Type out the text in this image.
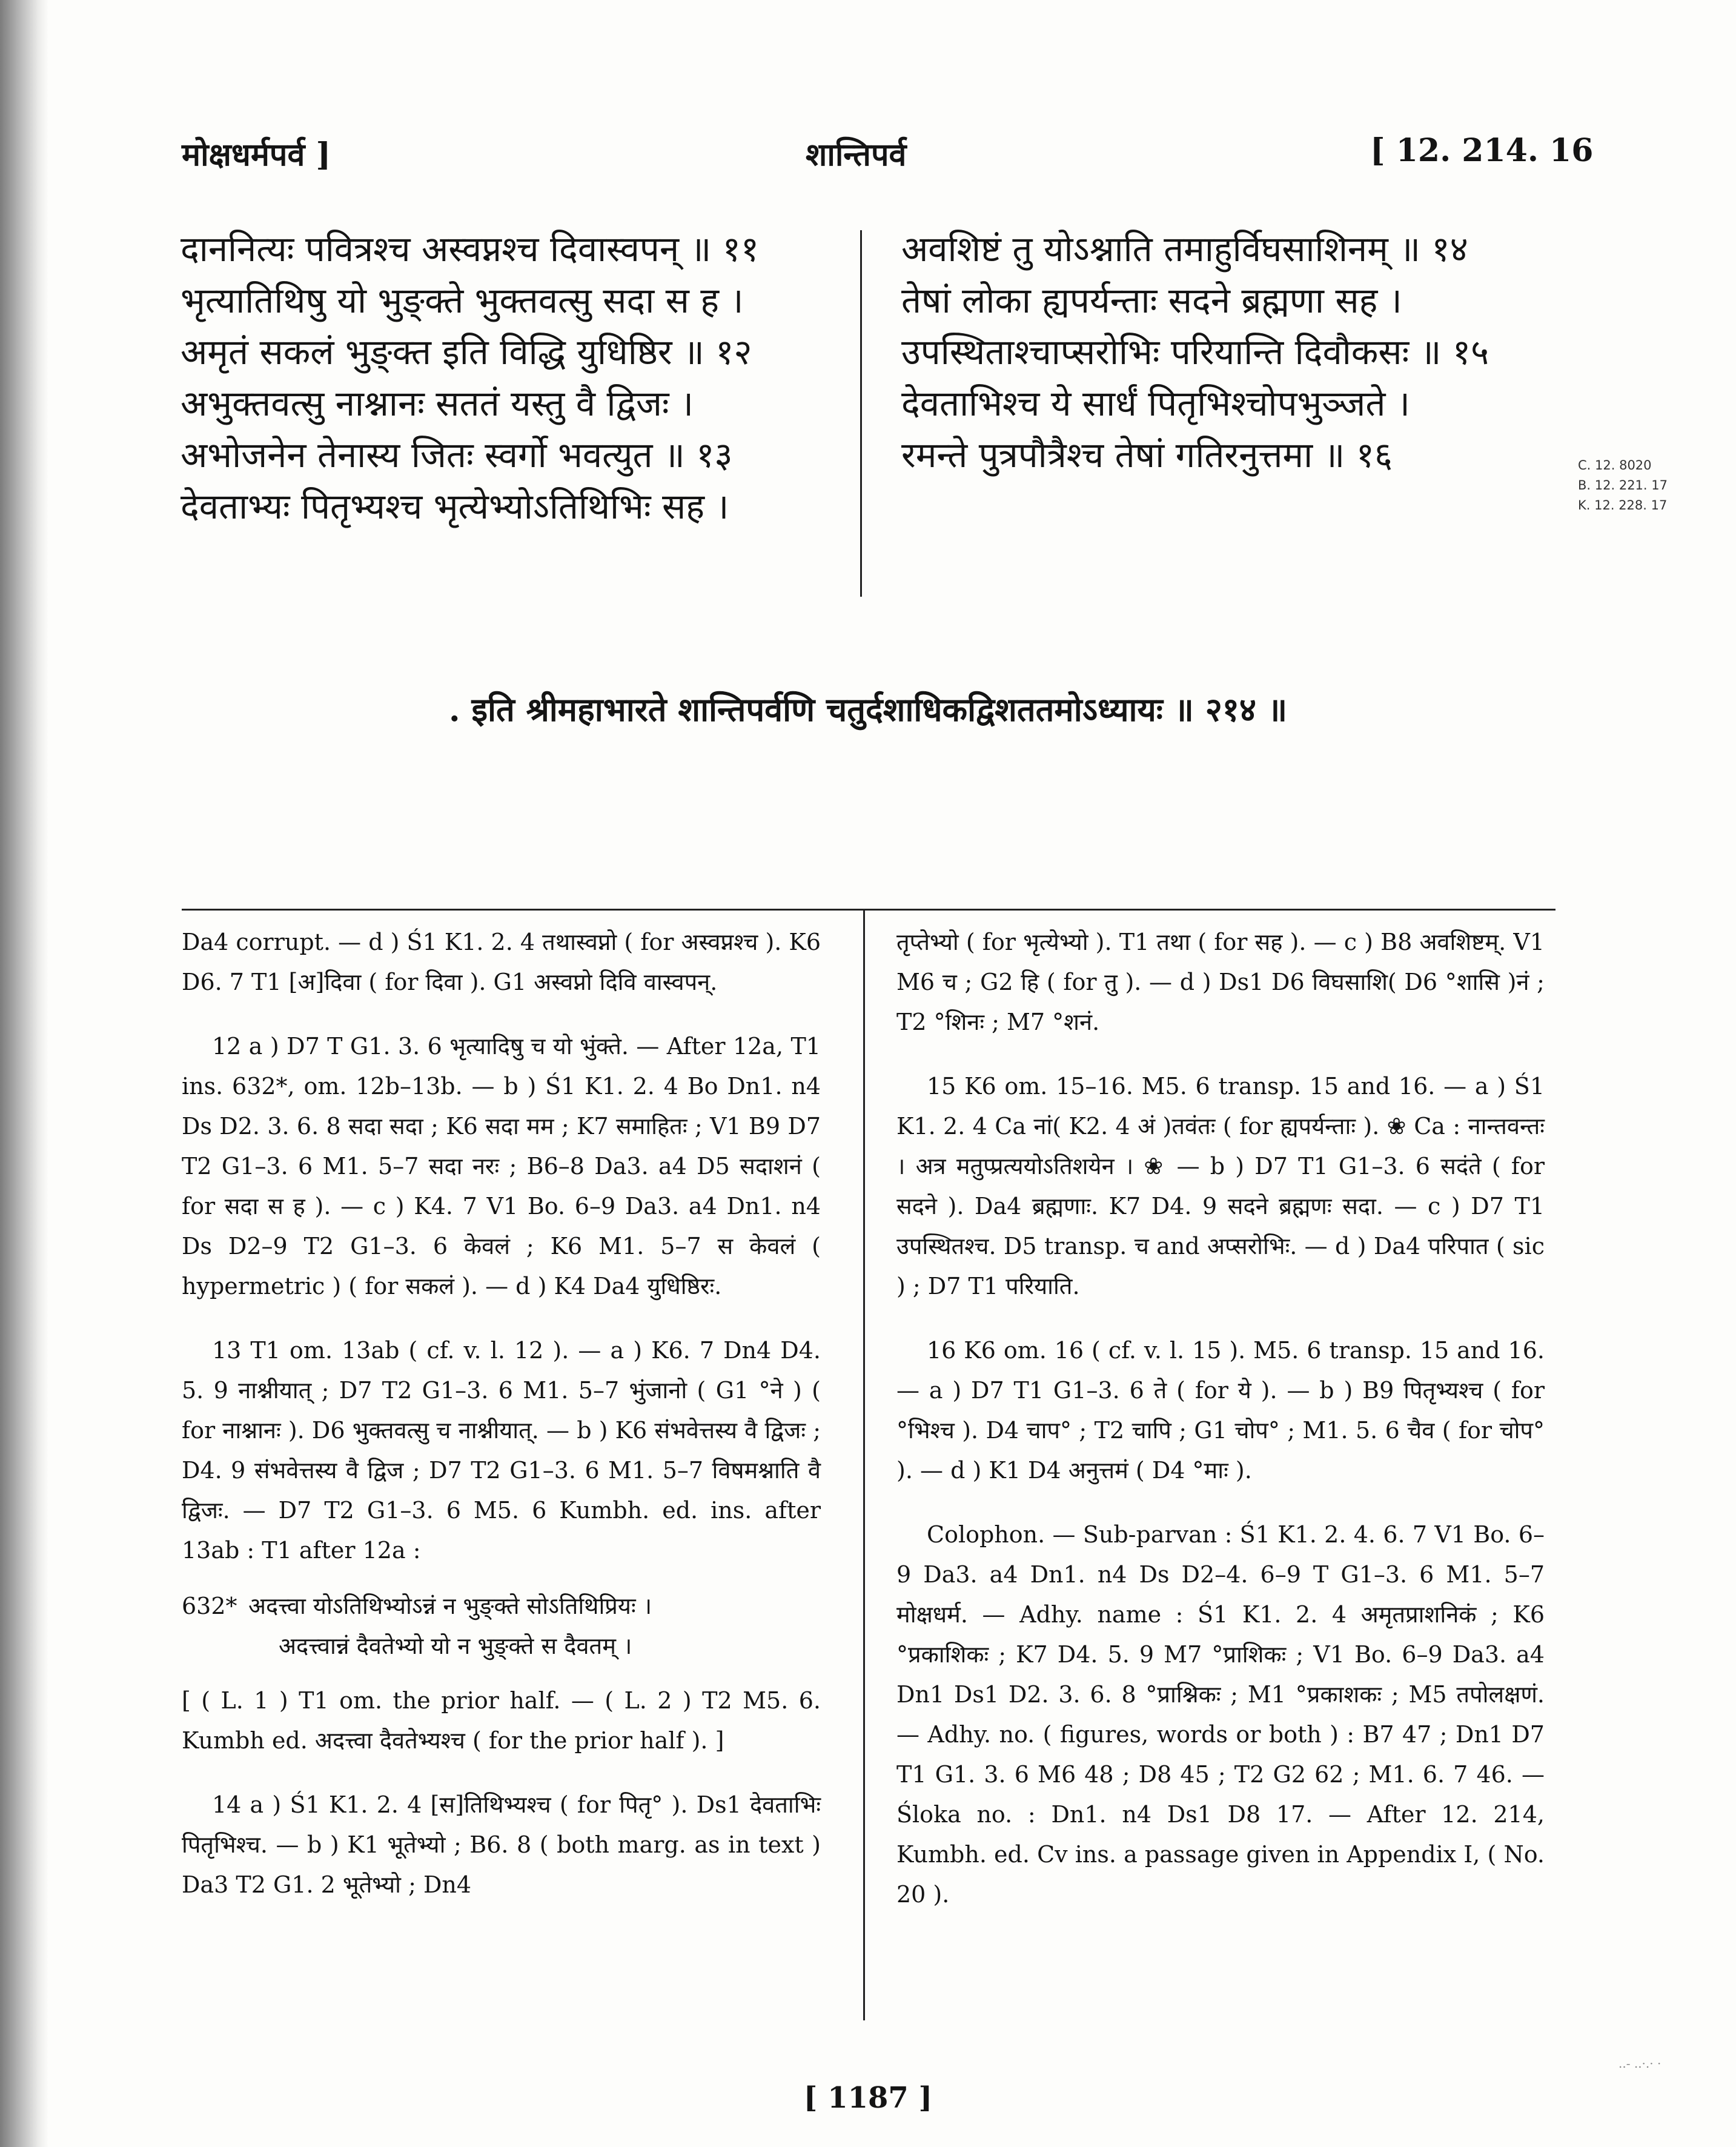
मोक्षधर्मपर्व ]	शान्तिपर्व	[ 12. 214. 16
दाननित्यः पवित्रश्च अस्वप्नश्च दिवास्वपन् ॥ ११
भृत्यातिथिषु यो भुङ्क्ते भुक्तवत्सु सदा स ह ।
अमृतं सकलं भुङ्क्त इति विद्धि युधिष्ठिर ॥ १२
अभुक्तवत्सु नाश्नानः सततं यस्तु वै द्विजः ।
अभोजनेन तेनास्य जितः स्वर्गो भवत्युत ॥ १३
देवताभ्यः पितृभ्यश्च भृत्येभ्योऽतिथिभिः सह ।
अवशिष्टं तु योऽश्नाति तमाहुर्विघसाशिनम् ॥ १४
तेषां लोका ह्यपर्यन्ताः सदने ब्रह्मणा सह ।
उपस्थिताश्चाप्सरोभिः परियान्ति दिवौकसः ॥ १५
देवताभिश्च ये सार्धं पितृभिश्चोपभुञ्जते ।
रमन्ते पुत्रपौत्रैश्च तेषां गतिरनुत्तमा ॥ १६	C. 12. 8020
B. 12. 221. 17
K. 12. 228. 17
. इति श्रीमहाभारते शान्तिपर्वणि चतुर्दशाधिकद्विशततमोऽध्यायः ॥ २१४ ॥

Da4 corrupt. — d ) Ś1 K1. 2. 4 तथास्वप्नो ( for अस्वप्नश्च ). K6 D6. 7 T1 [अ]दिवा ( for दिवा ). G1 अस्वप्नो दिवि वास्वपन्.

12 a ) D7 T G1. 3. 6 भृत्यादिषु च यो भुंक्ते. — After 12a, T1 ins. 632*, om. 12b–13b. — b ) Ś1 K1. 2. 4 Bo Dn1. n4 Ds D2. 3. 6. 8 सदा सदा ; K6 सदा मम ; K7 समाहितः ; V1 B9 D7 T2 G1–3. 6 M1. 5–7 सदा नरः ; B6–8 Da3. a4 D5 सदाशनं ( for सदा स ह ). — c ) K4. 7 V1 Bo. 6–9 Da3. a4 Dn1. n4 Ds D2–9 T2 G1–3. 6 केवलं ; K6 M1. 5–7 स केवलं ( hypermetric ) ( for सकलं ). — d ) K4 Da4 युधिष्ठिरः.

13 T1 om. 13ab ( cf. v. l. 12 ). — a ) K6. 7 Dn4 D4. 5. 9 नाश्नीयात् ; D7 T2 G1–3. 6 M1. 5–7 भुंजानो ( G1 °ने ) ( for नाश्नानः ). D6 भुक्तवत्सु च नाश्नीयात्. — b ) K6 संभवेत्तस्य वै द्विजः ; D4. 9 संभवेत्तस्य वै द्विज ; D7 T2 G1–3. 6 M1. 5–7 विषमश्नाति वै द्विजः. — D7 T2 G1–3. 6 M5. 6 Kumbh. ed. ins. after 13ab : T1 after 12a :

632* अदत्त्वा योऽतिथिभ्योऽन्नं न भुङ्क्ते सोऽतिथिप्रियः ।

अदत्त्वान्नं दैवतेभ्यो यो न भुङ्क्ते स दैवतम् ।

[ ( L. 1 ) T1 om. the prior half. — ( L. 2 ) T2 M5. 6. Kumbh ed. अदत्त्वा दैवतेभ्यश्च ( for the prior half ). ]

14 a ) Ś1 K1. 2. 4 [स]तिथिभ्यश्च ( for पितृ° ). Ds1 देवताभिः पितृभिश्च. — b ) K1 भूतेभ्यो ; B6. 8 ( both marg. as in text ) Da3 T2 G1. 2 भूतेभ्यो ; Dn4

तृप्तेभ्यो ( for भृत्येभ्यो ). T1 तथा ( for सह ). — c ) B8 अवशिष्टम्. V1 M6 च ; G2 हि ( for तु ). — d ) Ds1 D6 विघसाशि( D6 °शासि )नं ; T2 °शिनः ; M7 °शनं.

15 K6 om. 15–16. M5. 6 transp. 15 and 16. — a ) Ś1 K1. 2. 4 Ca नां( K2. 4 अं )तवंतः ( for ह्यपर्यन्ताः ). ❀ Ca : नान्तवन्तः । अत्र मतुप्प्रत्ययोऽतिशयेन । ❀ — b ) D7 T1 G1–3. 6 सदंते ( for सदने ). Da4 ब्रह्मणाः. K7 D4. 9 सदने ब्रह्मणः सदा. — c ) D7 T1 उपस्थितश्च. D5 transp. च and अप्सरोभिः. — d ) Da4 परिपात ( sic ) ; D7 T1 परियाति.

16 K6 om. 16 ( cf. v. l. 15 ). M5. 6 transp. 15 and 16. — a ) D7 T1 G1–3. 6 ते ( for ये ). — b ) B9 पितृभ्यश्च ( for °भिश्च ). D4 चाप° ; T2 चापि ; G1 चोप° ; M1. 5. 6 चैव ( for चोप° ). — d ) K1 D4 अनुत्तमं ( D4 °माः ).

Colophon. — Sub-parvan : Ś1 K1. 2. 4. 6. 7 V1 Bo. 6–9 Da3. a4 Dn1. n4 Ds D2–4. 6–9 T G1–3. 6 M1. 5–7 मोक्षधर्म. — Adhy. name : Ś1 K1. 2. 4 अमृतप्राशनिकं ; K6 °प्रकाशिकः ; K7 D4. 5. 9 M7 °प्राशिकः ; V1 Bo. 6–9 Da3. a4 Dn1 Ds1 D2. 3. 6. 8 °प्राश्निकः ; M1 °प्रकाशकः ; M5 तपोलक्षणं. — Adhy. no. ( figures, words or both ) : B7 47 ; Dn1 D7 T1 G1. 3. 6 M6 48 ; D8 45 ; T2 G2 62 ; M1. 6. 7 46. — Śloka no. : Dn1. n4 Ds1 D8 17. — After 12. 214, Kumbh. ed. Cv ins. a passage given in Appendix I, ( No. 20 ).

[ 1187 ]
..- ..·.· ·
